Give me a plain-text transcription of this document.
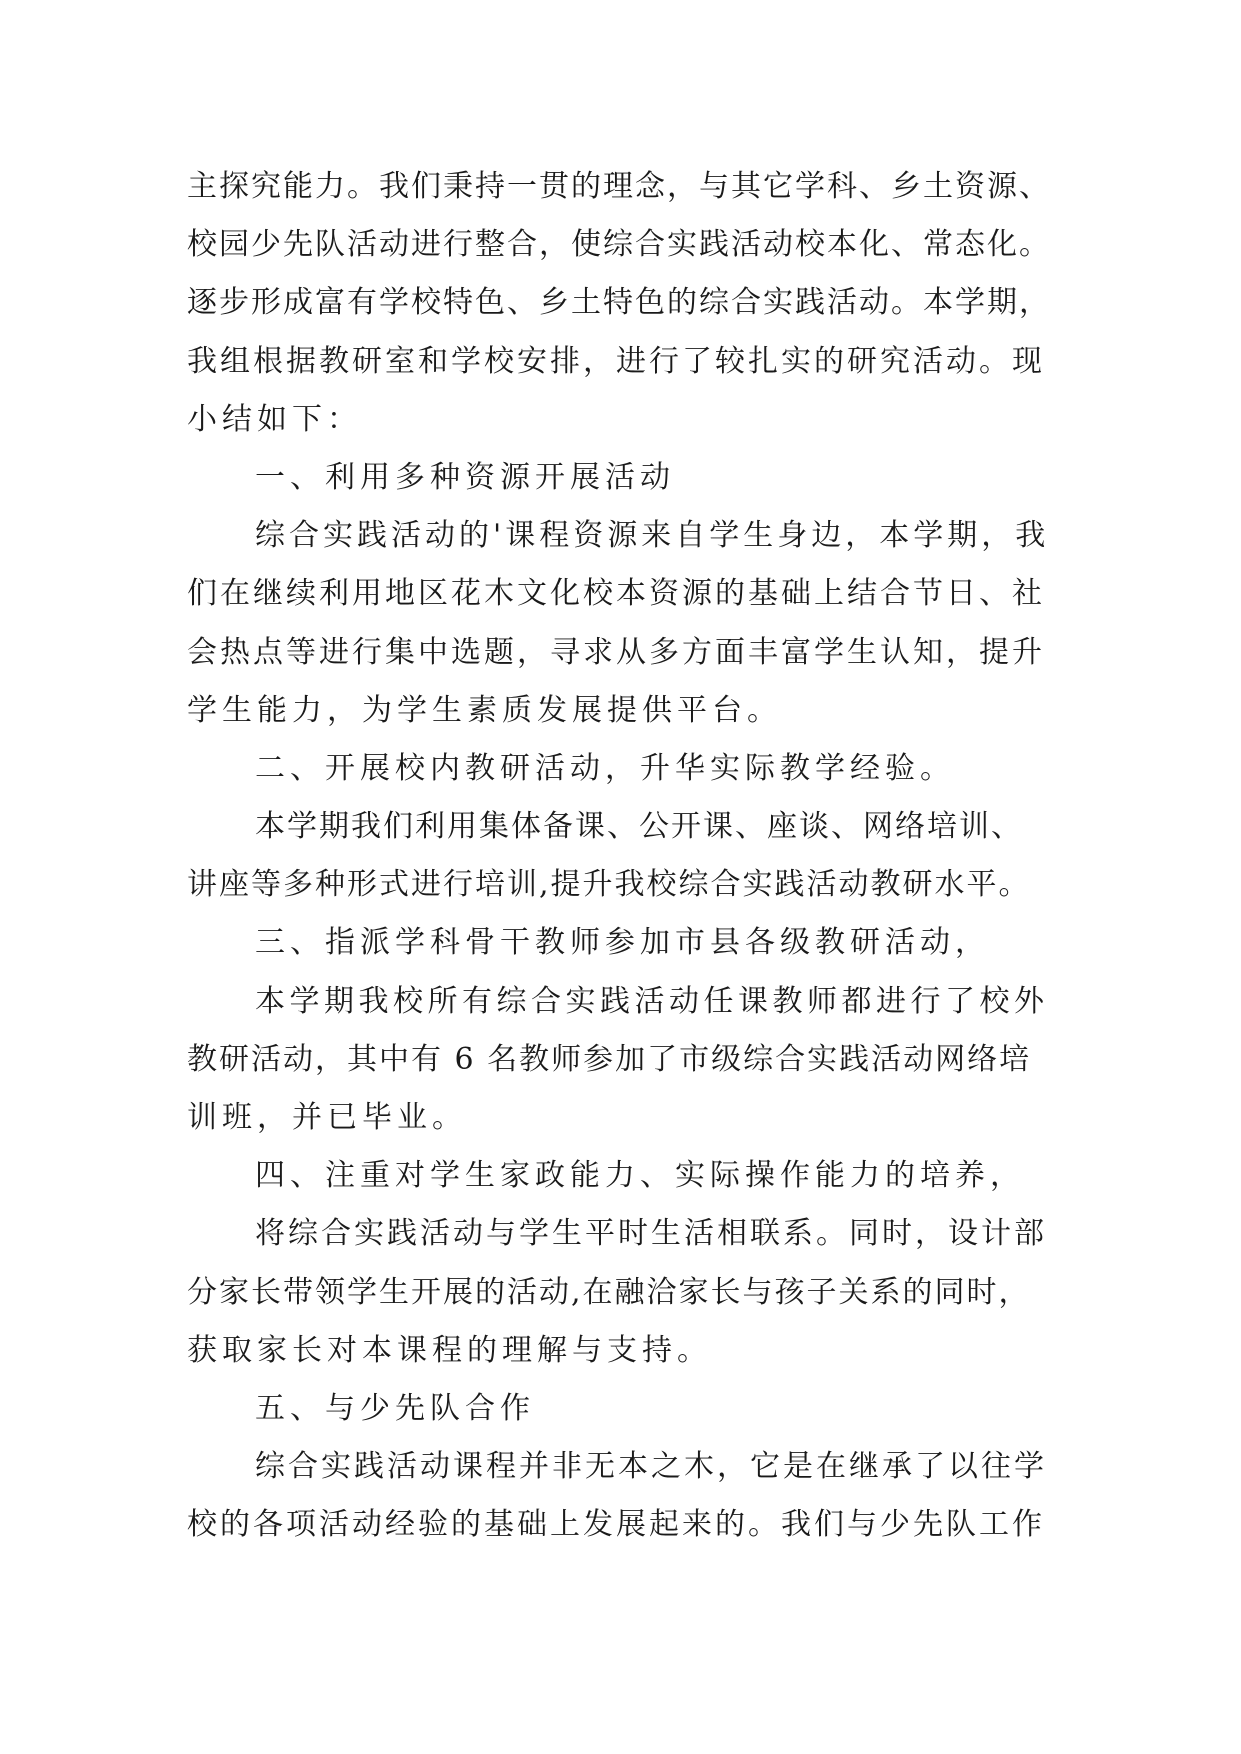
主探究能力。我们秉持一贯的理念，与其它学科、乡土资源、
校园少先队活动进行整合，使综合实践活动校本化、常态化。
逐步形成富有学校特色、乡土特色的综合实践活动。本学期，
我组根据教研室和学校安排，进行了较扎实的研究活动。现
小结如下：
一、利用多种资源开展活动
综合实践活动的'课程资源来自学生身边，本学期，我
们在继续利用地区花木文化校本资源的基础上结合节日、社
会热点等进行集中选题，寻求从多方面丰富学生认知，提升
学生能力，为学生素质发展提供平台。
二、开展校内教研活动，升华实际教学经验。
本学期我们利用集体备课、公开课、座谈、网络培训、
讲座等多种形式进行培训,提升我校综合实践活动教研水平。
三、指派学科骨干教师参加市县各级教研活动，
本学期我校所有综合实践活动任课教师都进行了校外
教研活动，其中有 6 名教师参加了市级综合实践活动网络培
训班，并已毕业。
四、注重对学生家政能力、实际操作能力的培养，
将综合实践活动与学生平时生活相联系。同时，设计部
分家长带领学生开展的活动,在融洽家长与孩子关系的同时，
获取家长对本课程的理解与支持。
五、与少先队合作
综合实践活动课程并非无本之木，它是在继承了以往学
校的各项活动经验的基础上发展起来的。我们与少先队工作
